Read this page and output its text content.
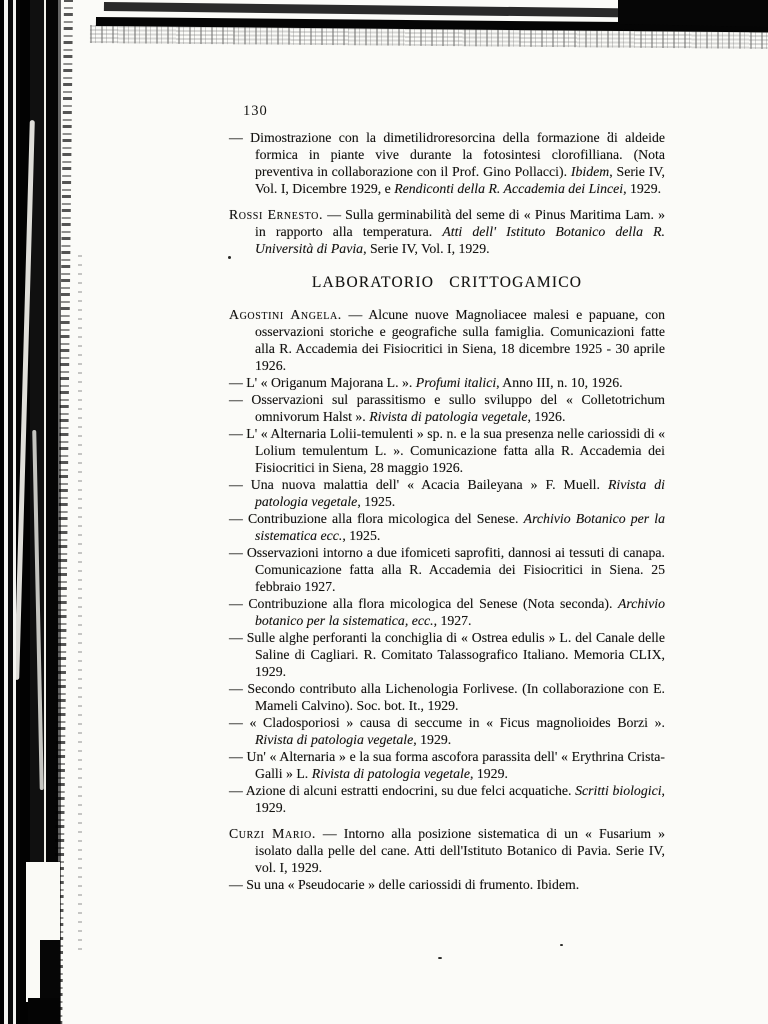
130

— Dimostrazione con la dimetilidroresorcina della formazione di aldeide formica in piante vive durante la fotosintesi clorofilliana. (Nota preventiva in collaborazione con il Prof. Gino Pollacci). Ibidem, Serie IV, Vol. I, Dicembre 1929, e Rendiconti della R. Accademia dei Lincei, 1929.

Rossi Ernesto. — Sulla germinabilità del seme di « Pinus Maritima Lam. » in rapporto alla temperatura. Atti dell' Istituto Botanico della R. Università di Pavia, Serie IV, Vol. I, 1929.

LABORATORIO CRITTOGAMICO

Agostini Angela. — Alcune nuove Magnoliacee malesi e papuane, con osservazioni storiche e geografiche sulla famiglia. Comunicazioni fatte alla R. Accademia dei Fisiocritici in Siena, 18 dicembre 1925 - 30 aprile 1926.

— L' « Origanum Majorana L. ». Profumi italici, Anno III, n. 10, 1926.

— Osservazioni sul parassitismo e sullo sviluppo del « Colletotrichum omnivorum Halst ». Rivista di patologia vegetale, 1926.

— L' « Alternaria Lolii-temulenti » sp. n. e la sua presenza nelle cariossidi di « Lolium temulentum L. ». Comunicazione fatta alla R. Accademia dei Fisiocritici in Siena, 28 maggio 1926.

— Una nuova malattia dell' « Acacia Baileyana » F. Muell. Rivista di patologia vegetale, 1925.

— Contribuzione alla flora micologica del Senese. Archivio Botanico per la sistematica ecc., 1925.

— Osservazioni intorno a due ifomiceti saprofiti, dannosi ai tessuti di canapa. Comunicazione fatta alla R. Accademia dei Fisiocritici in Siena. 25 febbraio 1927.

— Contribuzione alla flora micologica del Senese (Nota seconda). Archivio botanico per la sistematica, ecc., 1927.

— Sulle alghe perforanti la conchiglia di « Ostrea edulis » L. del Canale delle Saline di Cagliari. R. Comitato Talassografico Italiano. Memoria CLIX, 1929.

— Secondo contributo alla Lichenologia Forlivese. (In collaborazione con E. Mameli Calvino). Soc. bot. It., 1929.

— « Cladosporiosi » causa di seccume in « Ficus magnolioides Borzi ». Rivista di patologia vegetale, 1929.

— Un' « Alternaria » e la sua forma ascofora parassita dell' « Erythrina Crista-Galli » L. Rivista di patologia vegetale, 1929.

— Azione di alcuni estratti endocrini, su due felci acquatiche. Scritti biologici, 1929.

Curzi Mario. — Intorno alla posizione sistematica di un « Fusarium » isolato dalla pelle del cane. Atti dell'Istituto Botanico di Pavia. Serie IV, vol. I, 1929.

— Su una « Pseudocarie » delle cariossidi di frumento. Ibidem.
